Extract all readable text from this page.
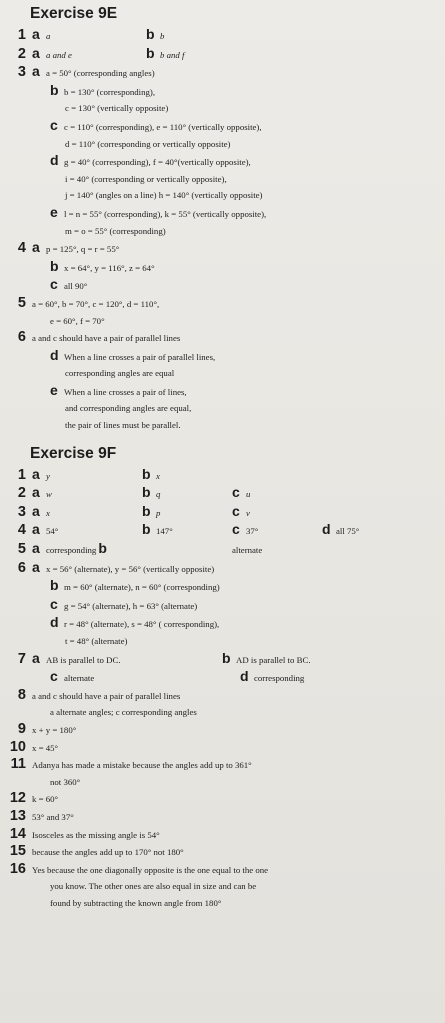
Exercise 9E
1 a a	b b
2 a a and e	b b and f
3 a a = 50° (corresponding angles)
b b = 130° (corresponding),
c = 130° (vertically opposite)
c c = 110° (corresponding), e = 110° (vertically opposite),
d = 110° (corresponding or vertically opposite)
d g = 40° (corresponding), f = 40°(vertically opposite),
i = 40° (corresponding or vertically opposite),
j = 140° (angles on a line) h = 140° (vertically opposite)
e l = n = 55° (corresponding), k = 55° (vertically opposite),
m = o = 55° (corresponding)
4 a p = 125°, q = r = 55°
b x = 64°, y = 116°, z = 64°
c all 90°
5 a = 60°, b = 70°, c = 120°, d = 110°,
e = 60°, f = 70°
6 a and c should have a pair of parallel lines
d When a line crosses a pair of parallel lines,
corresponding angles are equal
e When a line crosses a pair of lines,
and corresponding angles are equal,
the pair of lines must be parallel.
Exercise 9F
1 a y	b x
2 a w	b q	c u
3 a x	b p	c v
4 a 54°	b 147°	c 37°	d all 75°
5 a corresponding b	alternate
6 a x = 56° (alternate), y = 56° (vertically opposite)
b m = 60° (alternate), n = 60° (corresponding)
c g = 54° (alternate), h = 63° (alternate)
d r = 48° (alternate), s = 48° ( corresponding),
t = 48° (alternate)
7 a AB is parallel to DC.	b AD is parallel to BC.
c alternate	d corresponding
8 a and c should have a pair of parallel lines
a alternate angles; c corresponding angles
9 x + y = 180°
10 x = 45°
11 Adanya has made a mistake because the angles add up to 361°
not 360°
12 k = 60°
13 53° and 37°
14 Isosceles as the missing angle is 54°
15 because the angles add up to 170° not 180°
16 Yes because the one diagonally opposite is the one equal to the one
you know. The other ones are also equal in size and can be
found by subtracting the known angle from 180°
